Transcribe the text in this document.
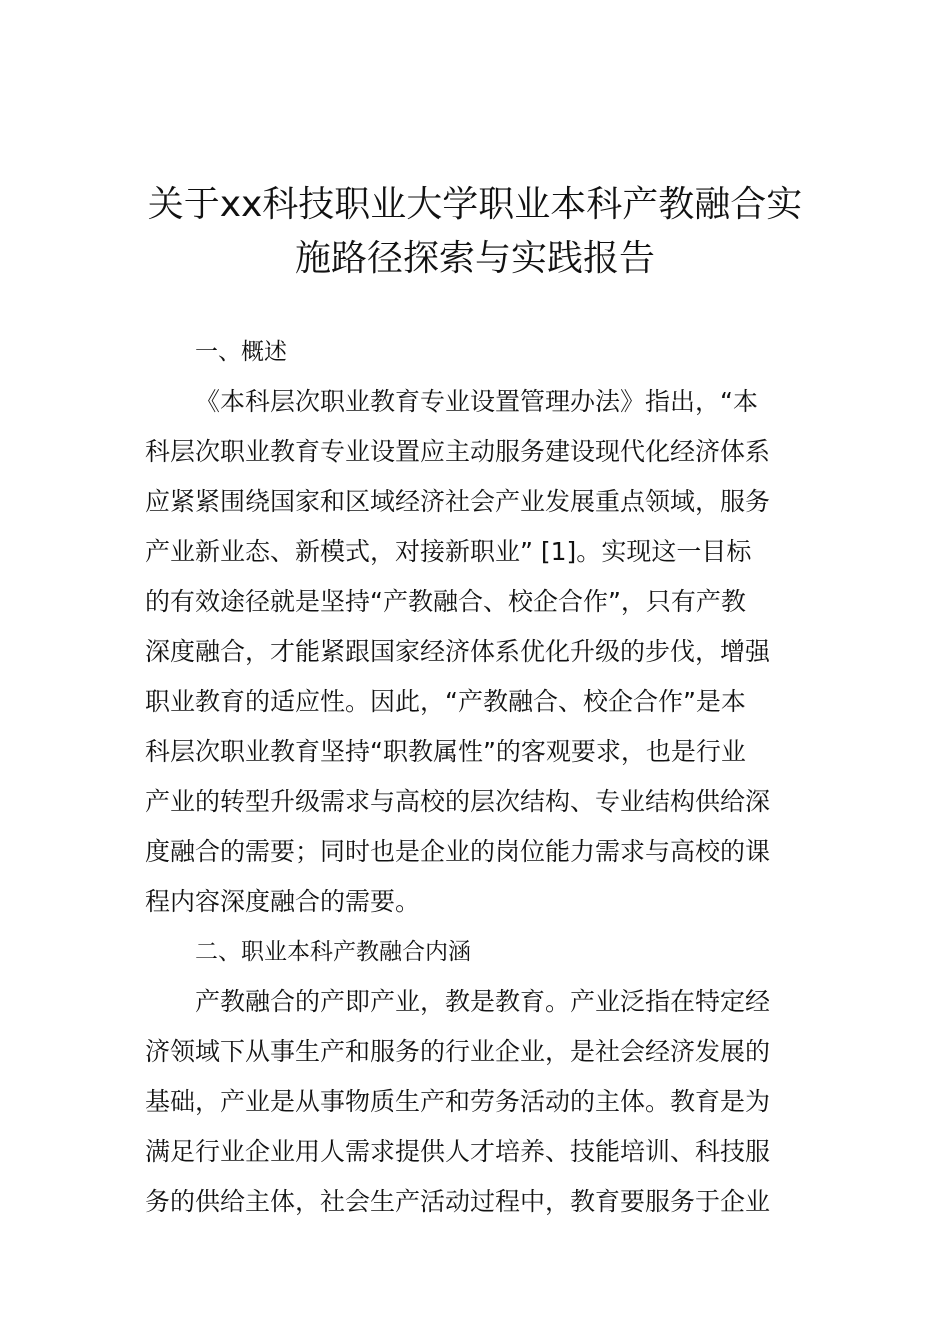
关于xx科技职业大学职业本科产教融合实
施路径探索与实践报告
一、概述
《本科层次职业教育专业设置管理办法》指出，“本
科层次职业教育专业设置应主动服务建设现代化经济体系
应紧紧围绕国家和区域经济社会产业发展重点领域，服务
产业新业态、新模式，对接新职业” [1]。实现这一目标
的有效途径就是坚持“产教融合、校企合作”，只有产教
深度融合，才能紧跟国家经济体系优化升级的步伐，增强
职业教育的适应性。因此，“产教融合、校企合作”是本
科层次职业教育坚持“职教属性”的客观要求，也是行业
产业的转型升级需求与高校的层次结构、专业结构供给深
度融合的需要；同时也是企业的岗位能力需求与高校的课
程内容深度融合的需要。
二、职业本科产教融合内涵
产教融合的产即产业，教是教育。产业泛指在特定经
济领域下从事生产和服务的行业企业，是社会经济发展的
基础，产业是从事物质生产和劳务活动的主体。教育是为
满足行业企业用人需求提供人才培养、技能培训、科技服
务的供给主体，社会生产活动过程中，教育要服务于企业
